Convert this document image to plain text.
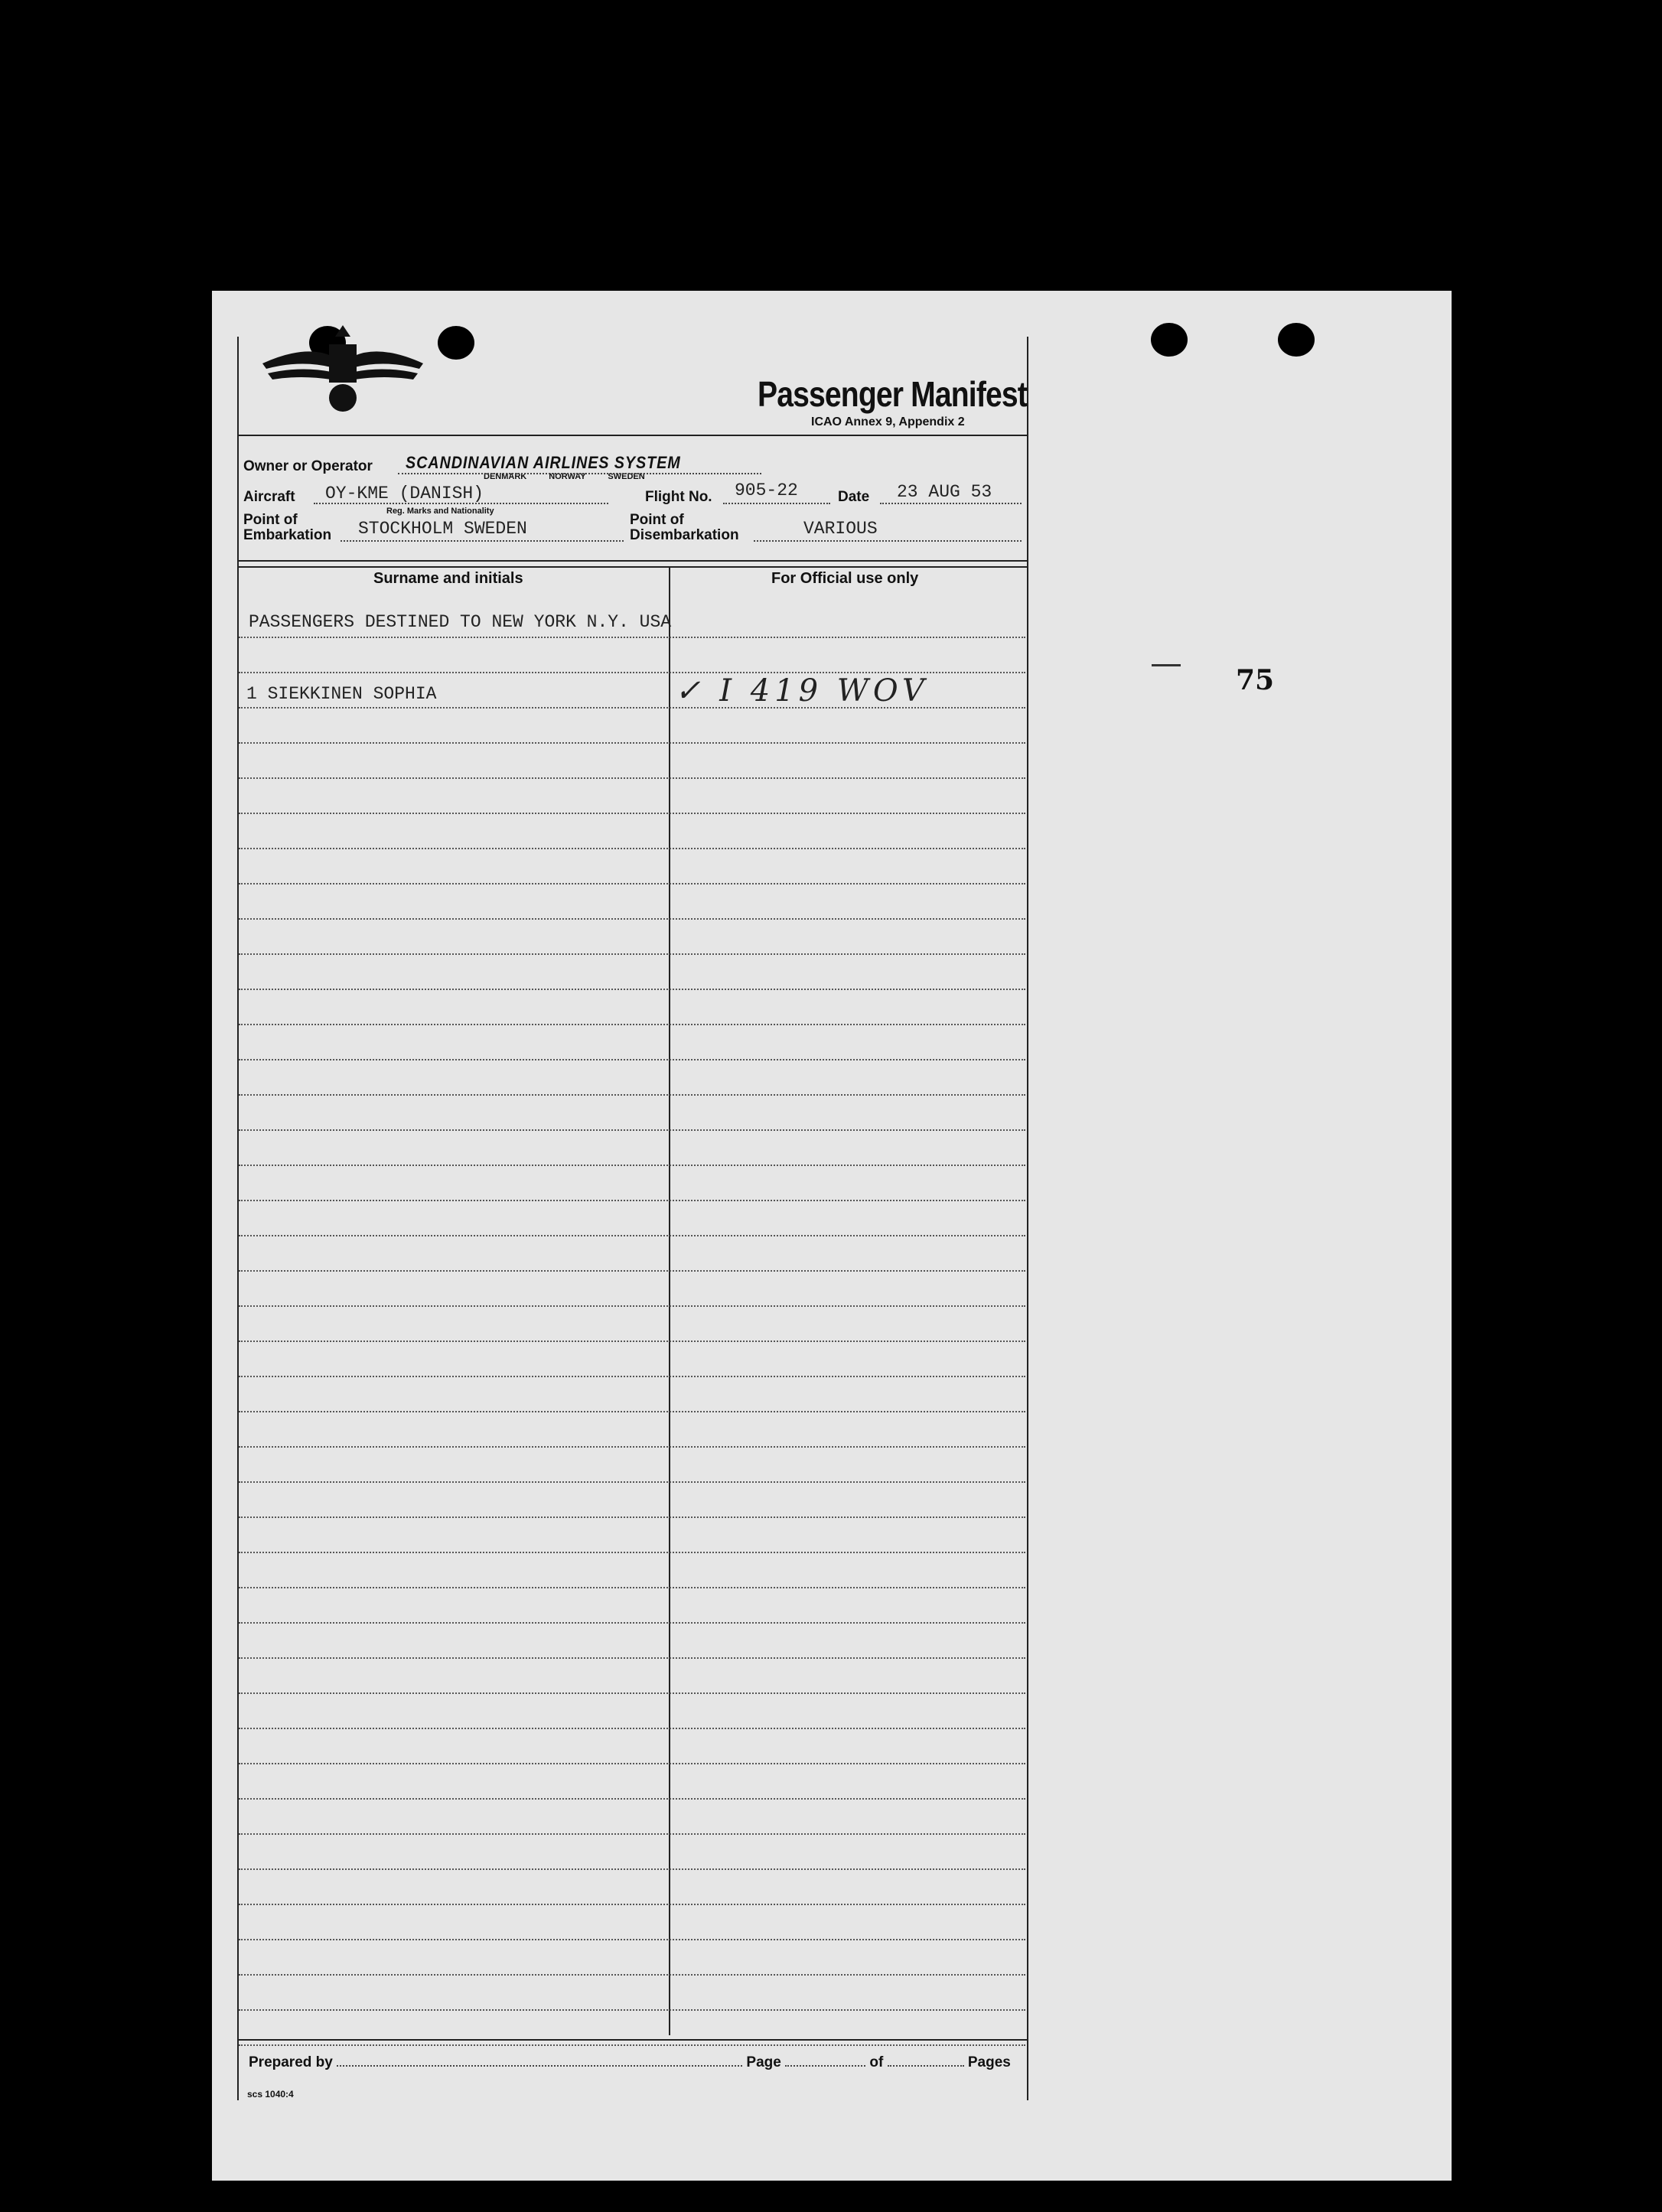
Passenger Manifest
ICAO Annex 9, Appendix 2
Owner or Operator SCANDINAVIAN AIRLINES SYSTEM
DENMARK NORWAY SWEDEN
Aircraft OY-KME (DANISH)
Reg. Marks and Nationality
Flight No. 905-22	Date 23 AUG 53
Point of
Embarkation STOCKHOLM SWEDEN	Point of
Disembarkation	VARIOUS
Surname and initials	For Official use only
PASSENGERS DESTINED TO NEW YORK N.Y. USA
1 SIEKKINEN SOPHIA	✓ I 419 WOV
Prepared by	Page	of	Pages
scs 1040:4
75
